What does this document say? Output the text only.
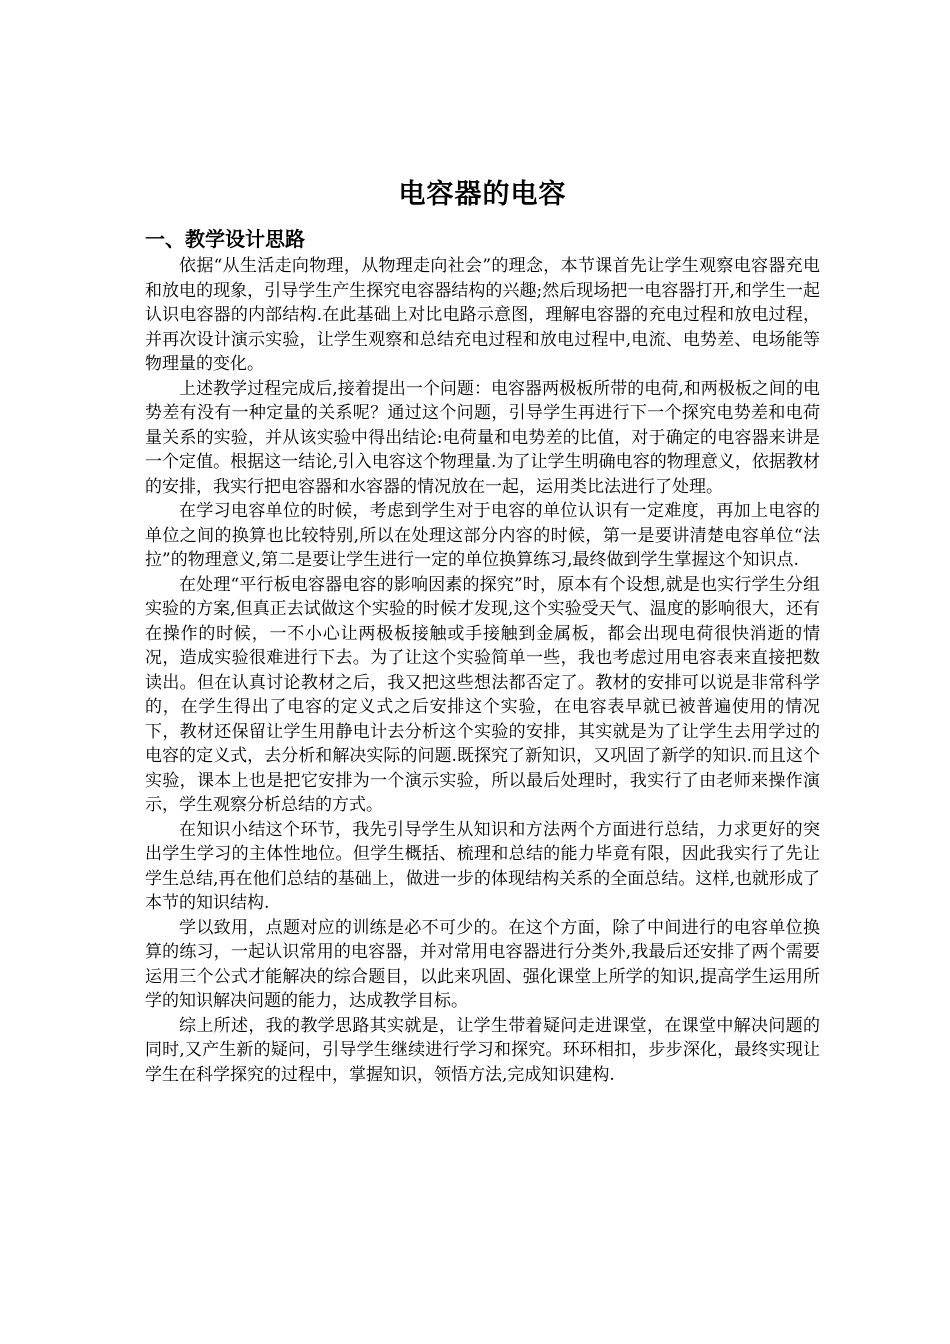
电容器的电容
一、教学设计思路

依据“从生活走向物理，从物理走向社会”的理念，本节课首先让学生观察电容器充电和放电的现象，引导学生产生探究电容器结构的兴趣;然后现场把一电容器打开,和学生一起认识电容器的内部结构.在此基础上对比电路示意图，理解电容器的充电过程和放电过程，并再次设计演示实验，让学生观察和总结充电过程和放电过程中,电流、电势差、电场能等物理量的变化。

上述教学过程完成后,接着提出一个问题：电容器两极板所带的电荷,和两极板之间的电势差有没有一种定量的关系呢？通过这个问题，引导学生再进行下一个探究电势差和电荷量关系的实验，并从该实验中得出结论:电荷量和电势差的比值，对于确定的电容器来讲是一个定值。根据这一结论,引入电容这个物理量.为了让学生明确电容的物理意义，依据教材的安排，我实行把电容器和水容器的情况放在一起，运用类比法进行了处理。

在学习电容单位的时候，考虑到学生对于电容的单位认识有一定难度，再加上电容的单位之间的换算也比较特别,所以在处理这部分内容的时候，第一是要讲清楚电容单位“法拉”的物理意义,第二是要让学生进行一定的单位换算练习,最终做到学生掌握这个知识点.

在处理“平行板电容器电容的影响因素的探究”时，原本有个设想,就是也实行学生分组实验的方案,但真正去试做这个实验的时候才发现,这个实验受天气、温度的影响很大，还有在操作的时候，一不小心让两极板接触或手接触到金属板，都会出现电荷很快消逝的情况，造成实验很难进行下去。为了让这个实验简单一些，我也考虑过用电容表来直接把数读出。但在认真讨论教材之后，我又把这些想法都否定了。教材的安排可以说是非常科学的，在学生得出了电容的定义式之后安排这个实验，在电容表早就已被普遍使用的情况下，教材还保留让学生用静电计去分析这个实验的安排，其实就是为了让学生去用学过的电容的定义式，去分析和解决实际的问题.既探究了新知识，又巩固了新学的知识.而且这个实验，课本上也是把它安排为一个演示实验，所以最后处理时，我实行了由老师来操作演示，学生观察分析总结的方式。

在知识小结这个环节，我先引导学生从知识和方法两个方面进行总结，力求更好的突出学生学习的主体性地位。但学生概括、梳理和总结的能力毕竟有限，因此我实行了先让学生总结,再在他们总结的基础上，做进一步的体现结构关系的全面总结。这样,也就形成了本节的知识结构.

学以致用，点题对应的训练是必不可少的。在这个方面，除了中间进行的电容单位换算的练习，一起认识常用的电容器，并对常用电容器进行分类外,我最后还安排了两个需要运用三个公式才能解决的综合题目，以此来巩固、强化课堂上所学的知识,提高学生运用所学的知识解决问题的能力，达成教学目标。

综上所述，我的教学思路其实就是，让学生带着疑问走进课堂，在课堂中解决问题的同时,又产生新的疑问，引导学生继续进行学习和探究。环环相扣，步步深化，最终实现让学生在科学探究的过程中，掌握知识，领悟方法,完成知识建构.
